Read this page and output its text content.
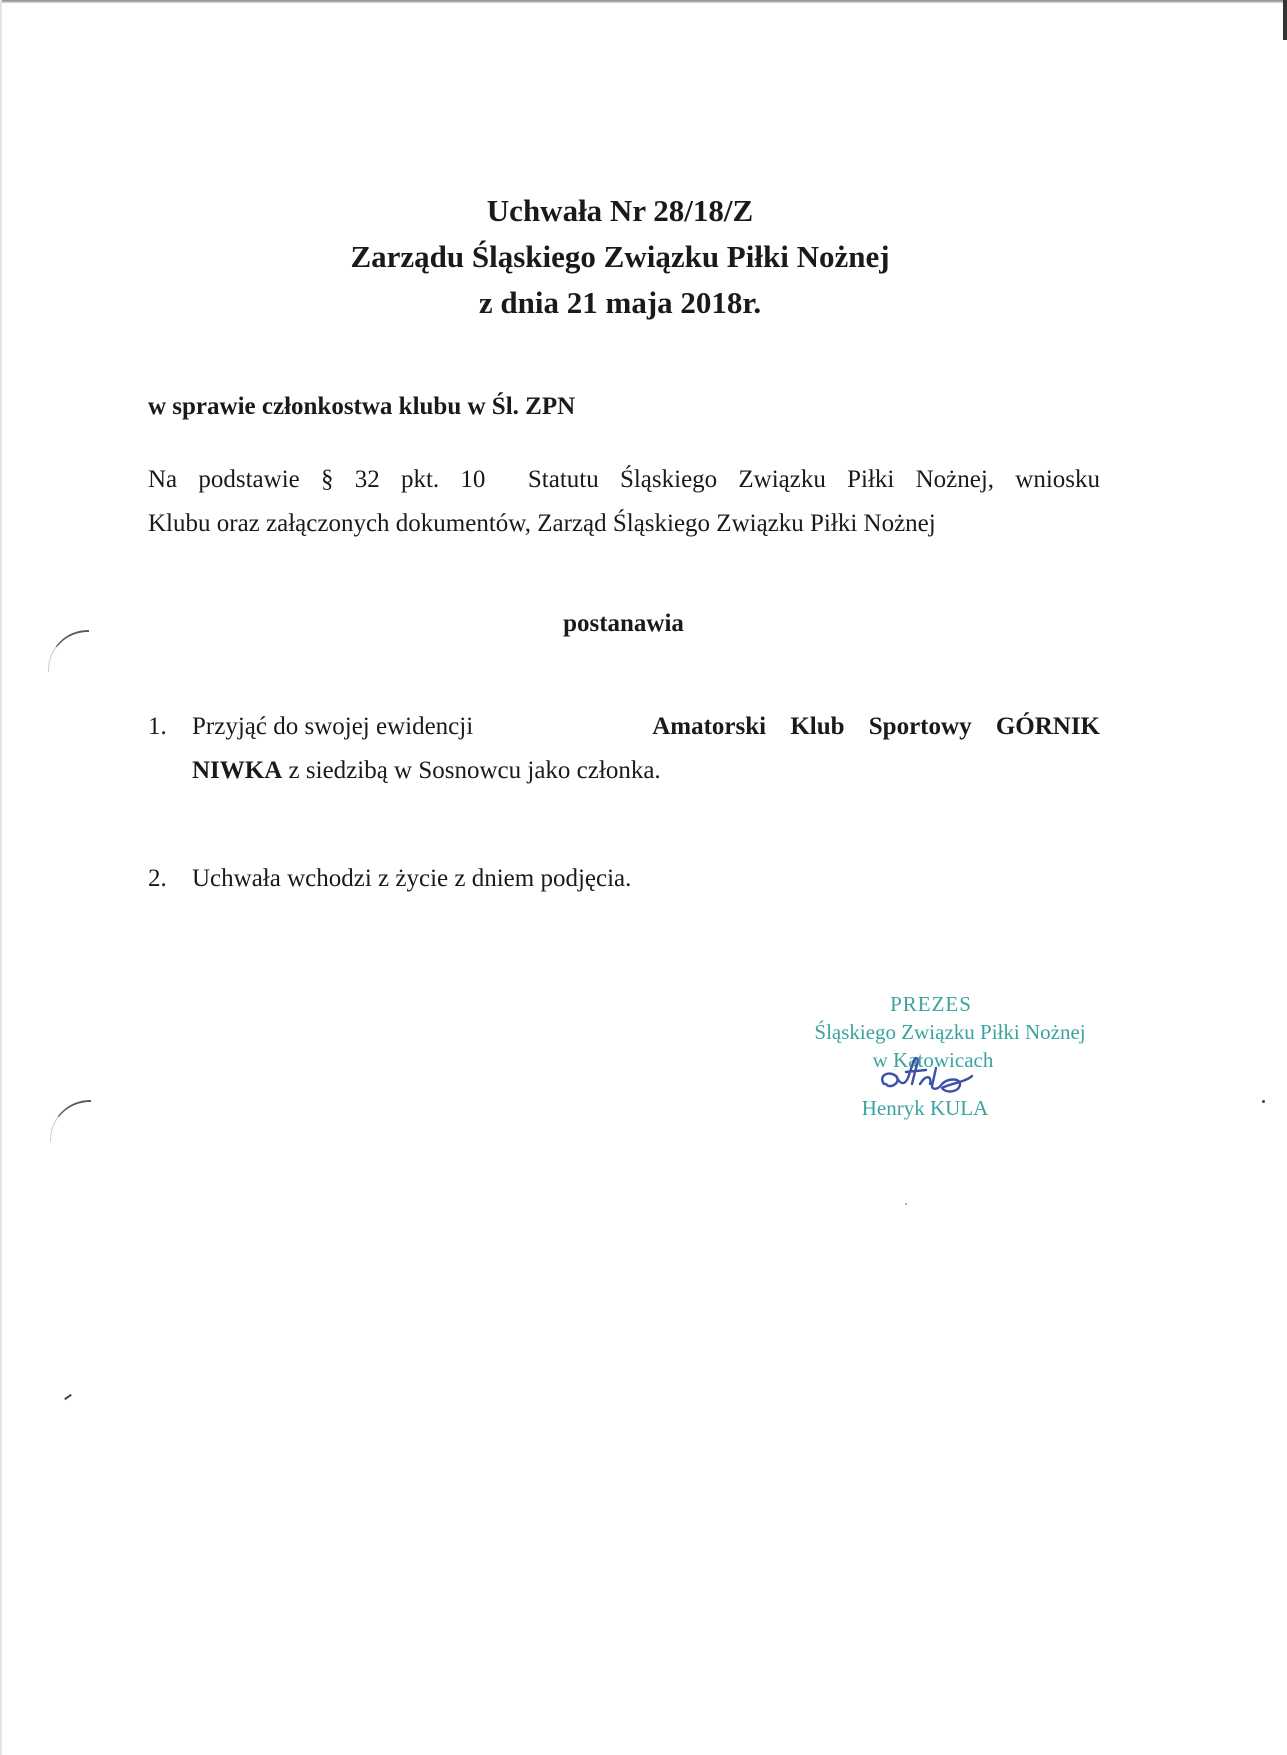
Uchwała Nr 28/18/Z
Zarządu Śląskiego Związku Piłki Nożnej
z dnia 21 maja 2018r.
w sprawie członkostwa klubu w Śl. ZPN
Na podstawie § 32 pkt. 10  Statutu Śląskiego Związku Piłki Nożnej, wniosku
Klubu oraz załączonych dokumentów, Zarząd Śląskiego Związku Piłki Nożnej
postanawia
1. Przyjąć do swojej ewidencji	Amatorski Klub Sportowy GÓRNIK
NIWKA z siedzibą w Sosnowcu jako członka.
2. Uchwała wchodzi z życie z dniem podjęcia.
PREZES
Śląskiego Związku Piłki Nożnej
w Katowicach
Henryk KULA
